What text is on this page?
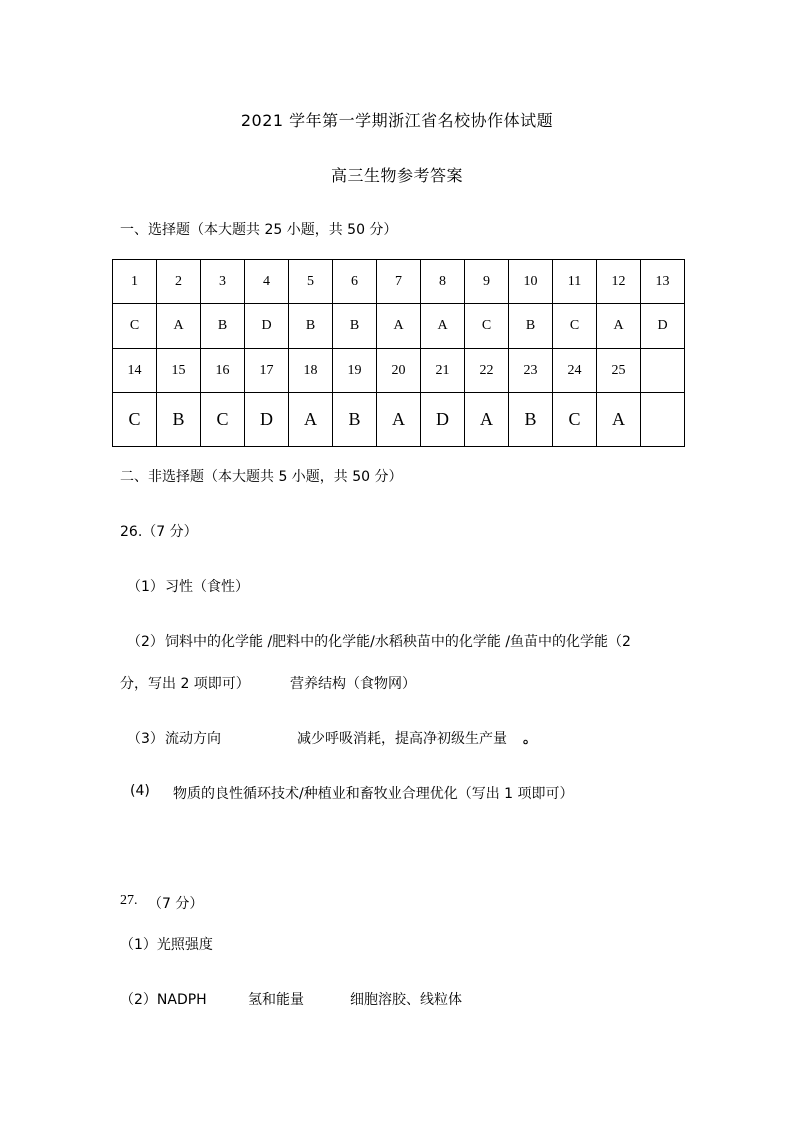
2021 学年第一学期浙江省名校协作体试题
高三生物参考答案
一、选择题（本大题共 25 小题，共 50 分）
1	2	3	4	5	6	7	8	9	10	11	12	13
C	A	B	D	B	B	A	A	C	B	C	A	D
14	15	16	17	18	19	20	21	22	23	24	25	
C	B	C	D	A	B	A	D	A	B	C	A	
二、非选择题（本大题共 5 小题，共 50 分）
26.（7 分）
（1） 习性（食性）
（2） 饲料中的化学能 /肥料中的化学能/水稻秧苗中的化学能 /鱼苗中的化学能（2
分，写出 2 项即可）	营养结构（食物网）
（3） 流动方向	减少呼吸消耗，提高净初级生产量 。
(4) 物质的良性循环技术/种植业和畜牧业合理优化（写出 1 项即可）
27. （7 分）
（1）光照强度
（2）NADPH	氢和能量	细胞溶胶、线粒体
